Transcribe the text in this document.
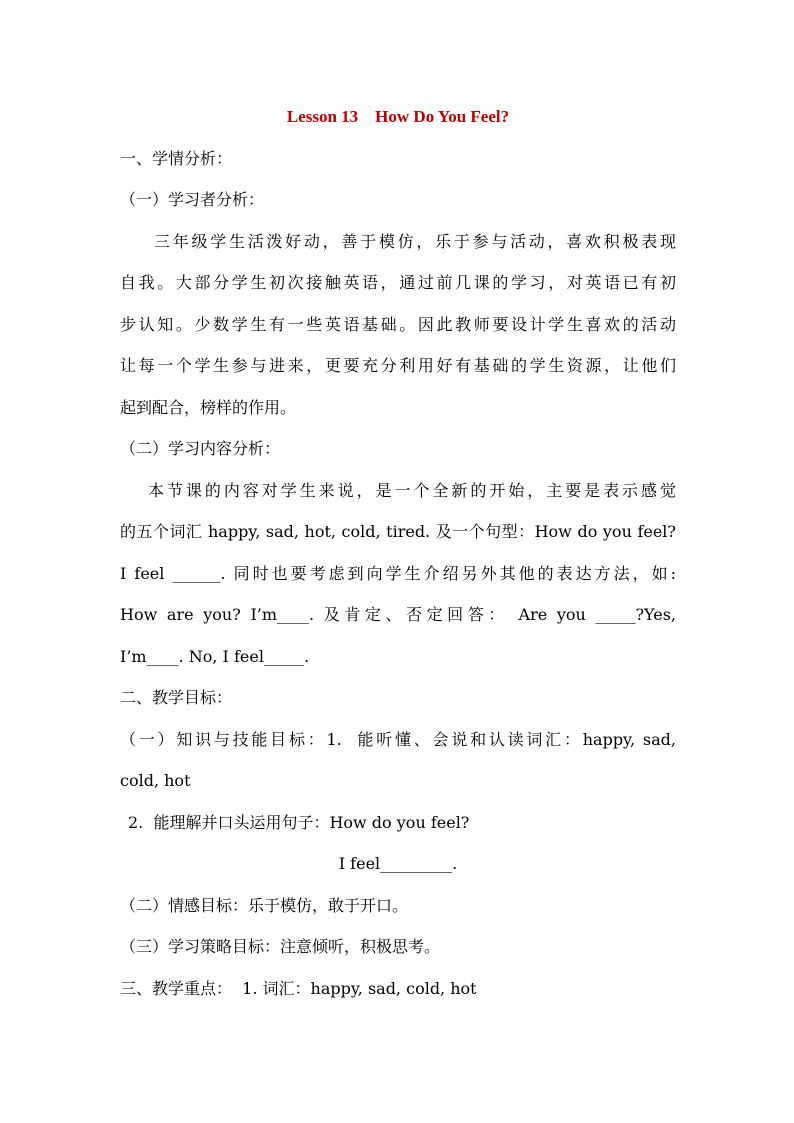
Lesson 13    How Do You Feel?
一、学情分析：
（一）学习者分析：
三年级学生活泼好动，善于模仿，乐于参与活动，喜欢积极表现
自我。大部分学生初次接触英语，通过前几课的学习，对英语已有初
步认知。少数学生有一些英语基础。因此教师要设计学生喜欢的活动
让每一个学生参与进来，更要充分利用好有基础的学生资源，让他们
起到配合，榜样的作用。
（二）学习内容分析：
本节课的内容对学生来说，是一个全新的开始，主要是表示感觉
的五个词汇 happy, sad, hot, cold, tired. 及一个句型：How do you feel?
I feel ______. 同时也要考虑到向学生介绍另外其他的表达方法，如:
How are you? I’m____. 及肯定、否定回答： Are you _____?Yes,
I’m____. No, I feel_____.
二、教学目标：
（一）知识与技能目标：1.  能听懂、会说和认读词汇：happy, sad,
cold, hot
2.  能理解并口头运用句子：How do you feel?
I feel_________.
（二）情感目标：乐于模仿，敢于开口。
（三）学习策略目标：注意倾听，积极思考。
三、教学重点：  1. 词汇：happy, sad, cold, hot
